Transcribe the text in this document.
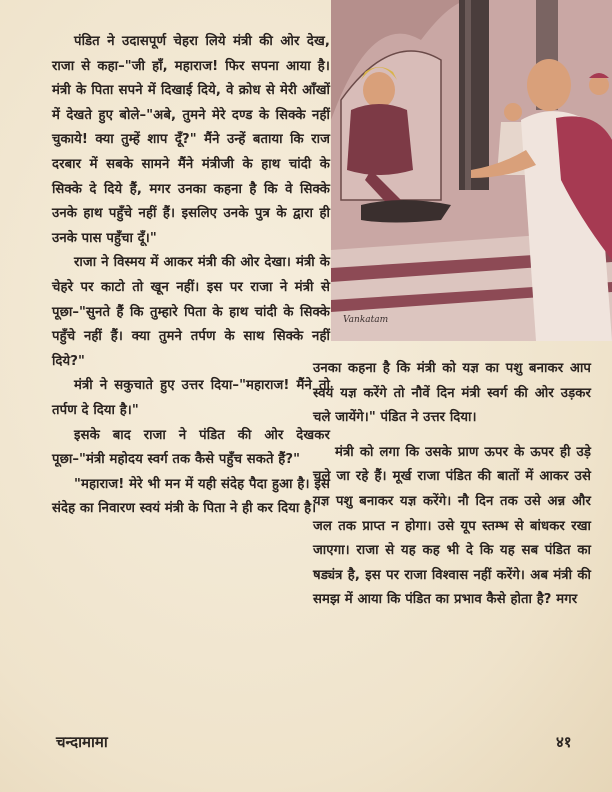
पंडित ने उदासपूर्ण चेहरा लिये मंत्री की ओर देख, राजा से कहा–"जी हाँ, महाराज! फिर सपना आया है। मंत्री के पिता सपने में दिखाई दिये, वे क्रोध से मेरी आँखों में देखते हुए बोले–"अबे, तुमने मेरे दण्ड के सिक्के नहीं चुकाये! क्या तुम्हें शाप दूँ?" मैंने उन्हें बताया कि राज दरबार में सबके सामने मैंने मंत्रीजी के हाथ चांदी के सिक्के दे दिये हैं, मगर उनका कहना है कि वे सिक्के उनके हाथ पहुँचे नहीं हैं। इसलिए उनके पुत्र के द्वारा ही उनके पास पहुँचा दूँ।"

राजा ने विस्मय में आकर मंत्री की ओर देखा। मंत्री के चेहरे पर काटो तो खून नहीं। इस पर राजा ने मंत्री से पूछा–"सुनते हैं कि तुम्हारे पिता के हाथ चांदी के सिक्के पहुँचे नहीं हैं। क्या तुमने तर्पण के साथ सिक्के नहीं दिये?"

मंत्री ने सकुचाते हुए उत्तर दिया–"महाराज! मैंने तो तर्पण दे दिया है।"

इसके बाद राजा ने पंडित की ओर देखकर पूछा–"मंत्री महोदय स्वर्ग तक कैसे पहुँच सकते हैं?"

"महाराज! मेरे भी मन में यही संदेह पैदा हुआ है। इस संदेह का निवारण स्वयं मंत्री के पिता ने ही कर दिया है।

Vankatam

उनका कहना है कि मंत्री को यज्ञ का पशु बनाकर आप स्वयं यज्ञ करेंगे तो नौवें दिन मंत्री स्वर्ग की ओर उड़कर चले जायेंगे।" पंडित ने उत्तर दिया।

मंत्री को लगा कि उसके प्राण ऊपर के ऊपर ही उड़े चले जा रहे हैं। मूर्ख राजा पंडित की बातों में आकर उसे यज्ञ पशु बनाकर यज्ञ करेंगे। नौ दिन तक उसे अन्न और जल तक प्राप्त न होगा। उसे यूप स्तम्भ से बांधकर रखा जाएगा। राजा से यह कह भी दे कि यह सब पंडित का षड्यंत्र है, इस पर राजा विश्वास नहीं करेंगे। अब मंत्री की समझ में आया कि पंडित का प्रभाव कैसे होता है? मगर

चन्दामामा	४१
